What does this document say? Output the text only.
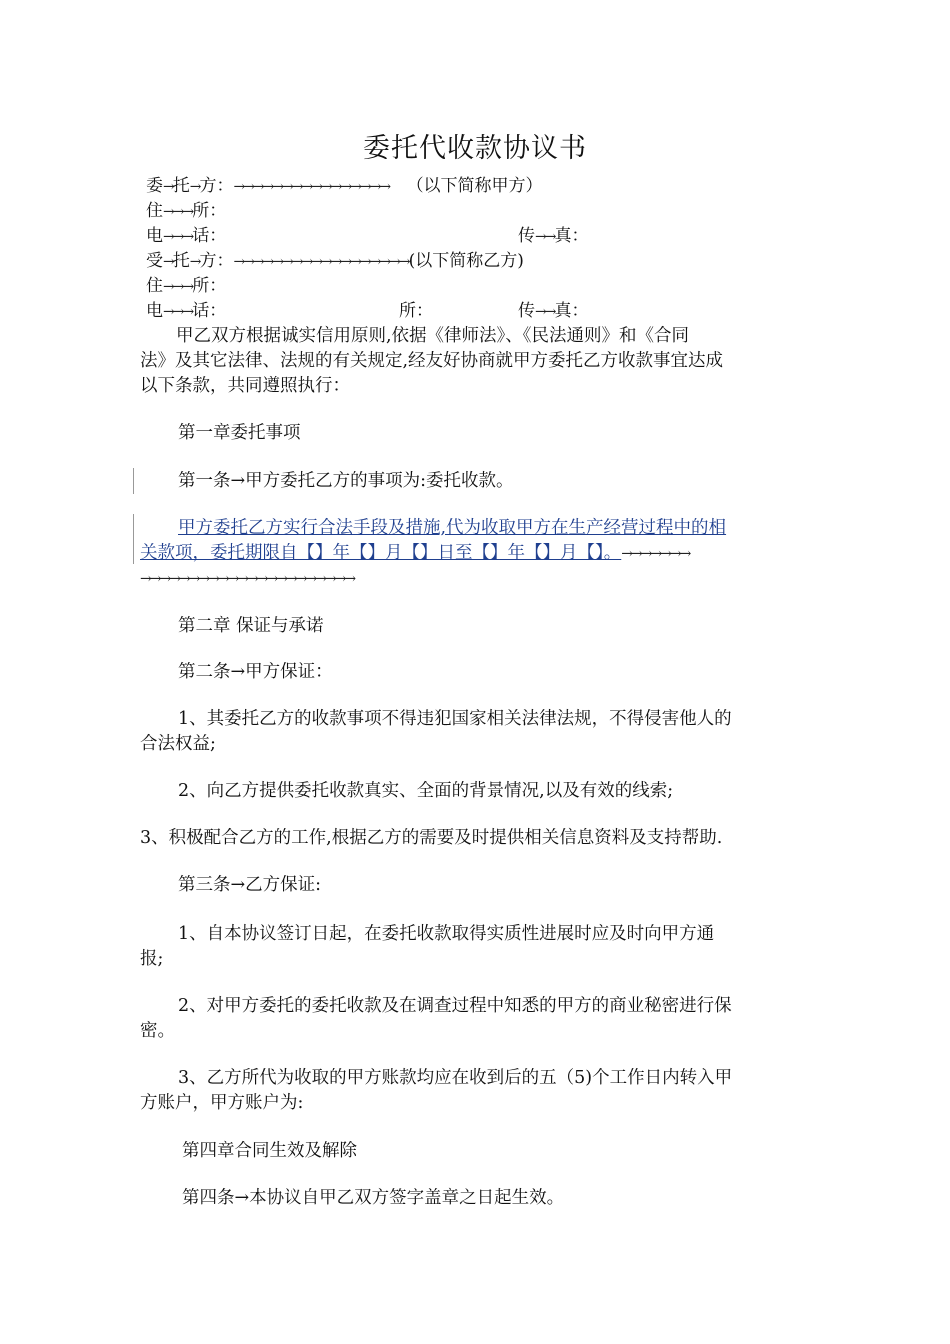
委托代收款协议书
委→托→方：→→→→→→→→→→→→→→→→ （以下简称甲方）
住→→→所：
电→→→话：	传→→真：
受→托→方：→→→→→→→→→→→→→→→→→→(以下简称乙方)
住→→→所：
电→→→话：	所：	传→→真：
甲乙双方根据诚实信用原则,依据《律师法》、《民法通则》和《合同
法》及其它法律、法规的有关规定,经友好协商就甲方委托乙方收款事宜达成
以下条款，共同遵照执行：
第一章委托事项
第一条→甲方委托乙方的事项为:委托收款。
甲方委托乙方实行合法手段及措施,代为收取甲方在生产经营过程中的相
关款项，委托期限自【】年【】月【】日至【】年【】月【】。→→→→→→→
→→→→→→→→→→→→→→→→→→→→→→
第二章 保证与承诺
第二条→甲方保证：
1、其委托乙方的收款事项不得违犯国家相关法律法规，不得侵害他人的
合法权益;
2、向乙方提供委托收款真实、全面的背景情况,以及有效的线索;
3、积极配合乙方的工作,根据乙方的需要及时提供相关信息资料及支持帮助.
第三条→乙方保证:
1、自本协议签订日起，在委托收款取得实质性进展时应及时向甲方通
报;
2、对甲方委托的委托收款及在调查过程中知悉的甲方的商业秘密进行保
密。
3、乙方所代为收取的甲方账款均应在收到后的五（5)个工作日内转入甲
方账户，甲方账户为:
第四章合同生效及解除
第四条→本协议自甲乙双方签字盖章之日起生效。
